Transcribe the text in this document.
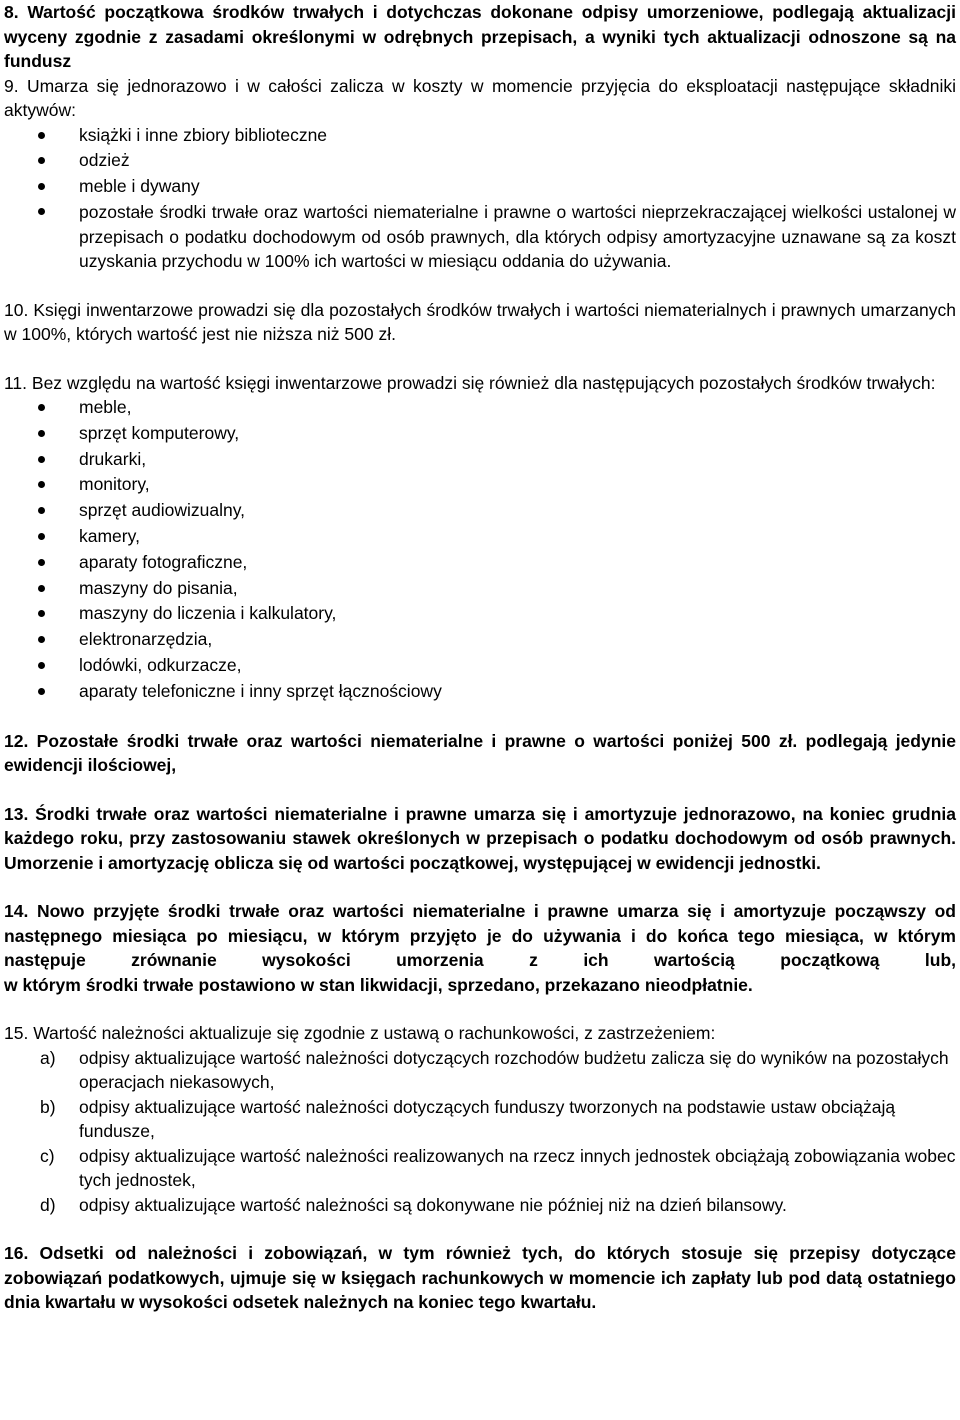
8. Wartość początkowa środków trwałych i dotychczas dokonane odpisy umorzeniowe, podlegają aktualizacji wyceny zgodnie z zasadami określonymi w odrębnych przepisach, a wyniki tych aktualizacji odnoszone są na fundusz

9. Umarza się jednorazowo i w całości zalicza w koszty w momencie przyjęcia do eksploatacji następujące składniki aktywów:

książki i inne zbiory biblioteczne
odzież
meble i dywany
pozostałe środki trwałe oraz wartości niematerialne i prawne o wartości nieprzekraczającej wielkości ustalonej w przepisach o podatku dochodowym od osób prawnych, dla których odpisy amortyzacyjne uznawane są za koszt uzyskania przychodu w 100% ich wartości w miesiącu oddania do używania.

10. Księgi inwentarzowe prowadzi się dla pozostałych środków trwałych i wartości niematerialnych i prawnych umarzanych w 100%, których wartość jest nie niższa niż 500 zł.

11. Bez względu na wartość księgi inwentarzowe prowadzi się również dla następujących pozostałych środków trwałych:

meble,
sprzęt komputerowy,
drukarki,
monitory,
sprzęt audiowizualny,
kamery,
aparaty fotograficzne,
maszyny do pisania,
maszyny do liczenia i kalkulatory,
elektronarzędzia,
lodówki, odkurzacze,
aparaty telefoniczne i inny sprzęt łącznościowy

12. Pozostałe środki trwałe oraz wartości niematerialne i prawne o wartości poniżej 500 zł. podlegają jedynie ewidencji ilościowej,

13. Środki trwałe oraz wartości niematerialne i prawne umarza się i amortyzuje jednorazowo, na koniec grudnia każdego roku, przy zastosowaniu stawek określonych w przepisach o podatku dochodowym od osób prawnych. Umorzenie i amortyzację oblicza się od wartości początkowej, występującej w ewidencji jednostki.

14. Nowo przyjęte środki trwałe oraz wartości niematerialne i prawne umarza się i amortyzuje począwszy od następnego miesiąca po miesiącu, w którym przyjęto je do używania i do końca tego miesiąca, w którym następuje zrównanie wysokości umorzenia z ich wartością początkową lub,
w którym środki trwałe postawiono w stan likwidacji, sprzedano, przekazano nieodpłatnie.

15. Wartość należności aktualizuje się zgodnie z ustawą o rachunkowości, z zastrzeżeniem:

a) odpisy aktualizujące wartość należności dotyczących rozchodów budżetu zalicza się do wyników na pozostałych operacjach niekasowych,
b) odpisy aktualizujące wartość należności dotyczących funduszy tworzonych na podstawie ustaw obciążają fundusze,
c) odpisy aktualizujące wartość należności realizowanych na rzecz innych jednostek obciążają zobowiązania wobec tych jednostek,
d) odpisy aktualizujące wartość należności są dokonywane nie później niż na dzień bilansowy.

16. Odsetki od należności i zobowiązań, w tym również tych, do których stosuje się przepisy dotyczące zobowiązań podatkowych, ujmuje się w księgach rachunkowych w momencie ich zapłaty lub pod datą ostatniego dnia kwartału w wysokości odsetek należnych na koniec tego kwartału.
